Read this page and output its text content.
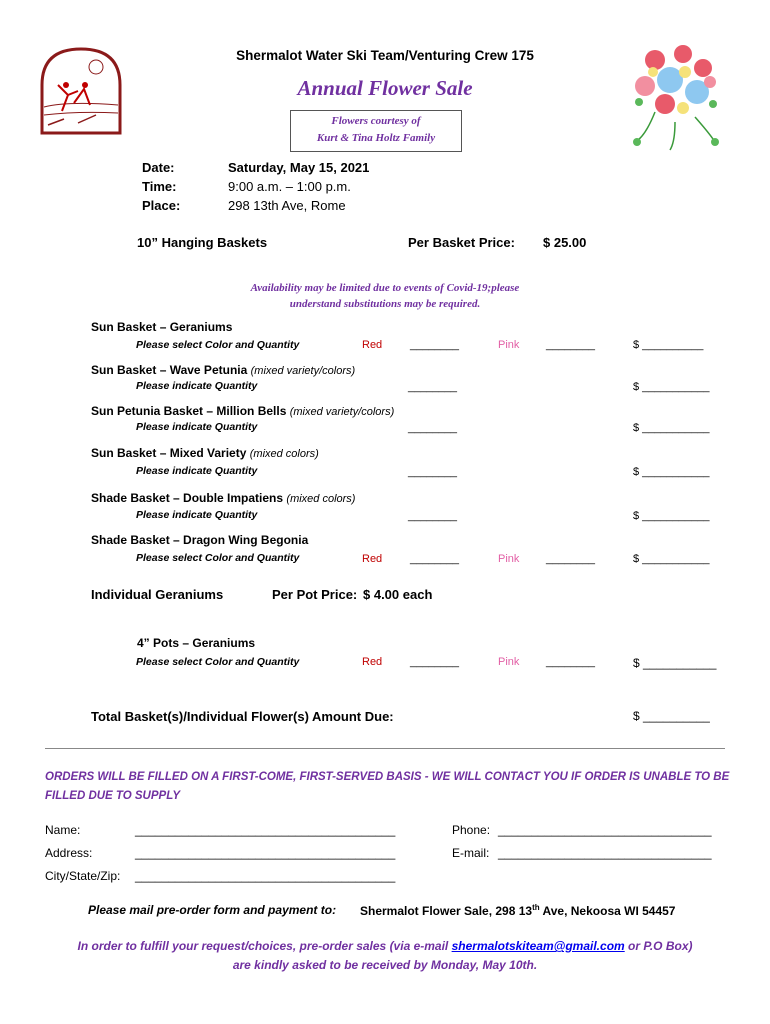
Shermalot Water Ski Team/Venturing Crew 175
Annual Flower Sale
Flowers courtesy of
Kurt & Tina Holtz Family
Date:	Saturday, May 15, 2021
Time:	9:00 a.m. – 1:00 p.m.
Place:	298 13th Ave, Rome
10” Hanging Baskets	Per Basket Price: $ 25.00
Availability may be limited due to events of Covid-19;please
understand substitutions may be required.
Sun Basket – Geraniums
Please select Color and Quantity	Red	________	Pink ________	$ __________
Sun Basket – Wave Petunia (mixed variety/colors)
Please indicate Quantity	________	$ ___________
Sun Petunia Basket – Million Bells (mixed variety/colors)
Please indicate Quantity	________	$ ___________
Sun Basket – Mixed Variety (mixed colors)
Please indicate Quantity	________	$ ___________
Shade Basket – Double Impatiens (mixed colors)
Please indicate Quantity	________	$ ___________
Shade Basket – Dragon Wing Begonia
Please select Color and Quantity	Red	________	Pink ________	$ ___________
Individual Geraniums	Per Pot Price: $ 4.00 each
4” Pots – Geraniums
Please select Color and Quantity	Red	________	Pink ________	$ ___________
Total Basket(s)/Individual Flower(s) Amount Due:	$ __________
ORDERS WILL BE FILLED ON A FIRST-COME, FIRST-SERVED BASIS - WE WILL CONTACT YOU IF ORDER IS UNABLE TO BE FILLED DUE TO SUPPLY
Name:	_______________________________________
Address:	_______________________________________
City/State/Zip: _______________________________________
Phone: ________________________________
E-mail: ________________________________
Please mail pre-order form and payment to: Shermalot Flower Sale, 298 13th Ave, Nekoosa WI 54457
In order to fulfill your request/choices, pre-order sales (via e-mail shermalotskiteam@gmail.com or P.O Box)
are kindly asked to be received by Monday, May 10th.
